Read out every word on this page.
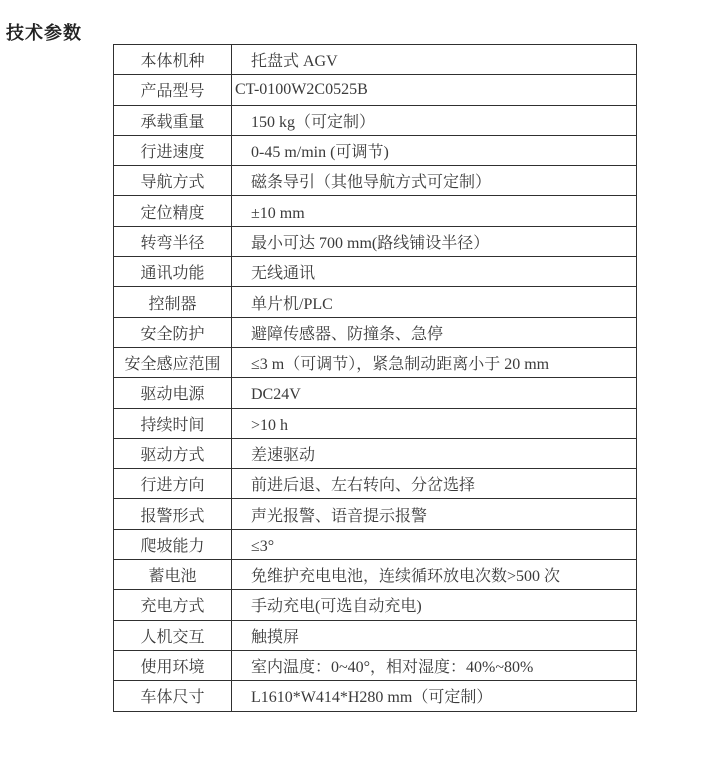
技术参数
本体机种	　托盘式 AGV
产品型号	CT-0100W2C0525B
承载重量	　150 kg（可定制）
行进速度	　0-45 m/min (可调节)
导航方式	　磁条导引（其他导航方式可定制）
定位精度	　±10 mm
转弯半径	　最小可达 700 mm(路线铺设半径）
通讯功能	　无线通讯
控制器	　单片机/PLC
安全防护	　避障传感器、防撞条、急停
安全感应范围	　≤3 m（可调节），紧急制动距离小于 20 mm
驱动电源	　DC24V
持续时间	　>10 h
驱动方式	　差速驱动
行进方向	　前进后退、左右转向、分岔选择
报警形式	　声光报警、语音提示报警
爬坡能力	　≤3°
蓄电池	　免维护充电电池，连续循环放电次数>500 次
充电方式	　手动充电(可选自动充电)
人机交互	　触摸屏
使用环境	　室内温度：0~40°，相对湿度：40%~80%
车体尺寸	　L1610*W414*H280 mm（可定制）
